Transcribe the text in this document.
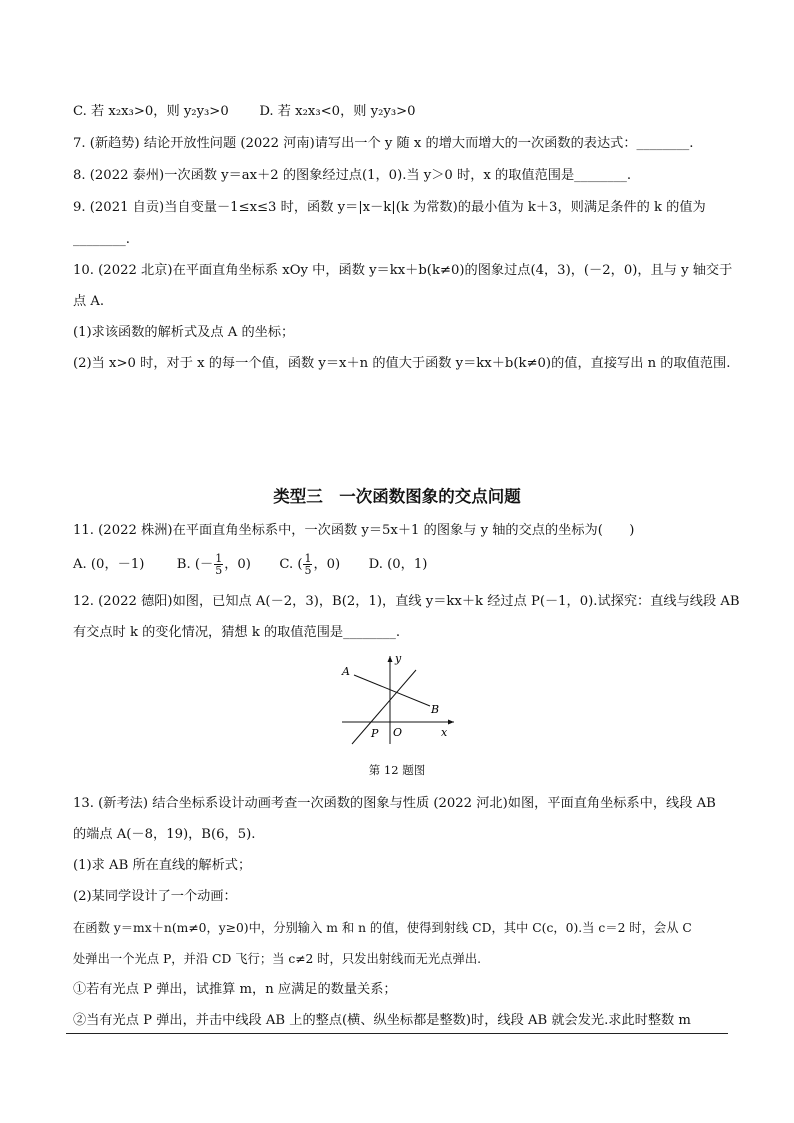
C. 若 x₂x₃>0，则 y₂y₃>0　　 D. 若 x₂x₃<0，则 y₂y₃>0
7. (新趋势) 结论开放性问题 (2022 河南)请写出一个 y 随 x 的增大而增大的一次函数的表达式：________.
8. (2022 泰州)一次函数 y＝ax＋2 的图象经过点(1，0).当 y＞0 时，x 的取值范围是________.
9. (2021 自贡)当自变量－1≤x≤3 时，函数 y＝|x－k|(k 为常数)的最小值为 k＋3，则满足条件的 k 的值为
________.
10. (2022 北京)在平面直角坐标系 xOy 中，函数 y＝kx＋b(k≠0)的图象过点(4，3)，(－2，0)，且与 y 轴交于
点 A.
(1)求该函数的解析式及点 A 的坐标；
(2)当 x>0 时，对于 x 的每一个值，函数 y＝x＋n 的值大于函数 y＝kx＋b(k≠0)的值，直接写出 n 的取值范围.
类型三　一次函数图象的交点问题
11. (2022 株洲)在平面直角坐标系中，一次函数 y＝5x＋1 的图象与 y 轴的交点的坐标为(　　)
A. (0，－1) B. (－ $\frac{1}{5}$ ，0) C. ( $\frac{1}{5}$ ，0) D. (0，1)
12. (2022 德阳)如图，已知点 A(－2，3)，B(2，1)，直线 y＝kx＋k 经过点 P(－1，0).试探究：直线与线段 AB
有交点时 k 的变化情况，猜想 k 的取值范围是________.
A
B
P O	x
y
第 12 题图
13. (新考法) 结合坐标系设计动画考查一次函数的图象与性质 (2022 河北)如图，平面直角坐标系中，线段 AB
的端点 A(－8，19)，B(6，5).
(1)求 AB 所在直线的解析式；
(2)某同学设计了一个动画：
在函数 y＝mx＋n(m≠0，y≥0)中，分别输入 m 和 n 的值，使得到射线 CD，其中 C(c，0).当 c＝2 时，会从 C
处弹出一个光点 P，并沿 CD 飞行；当 c≠2 时，只发出射线而无光点弹出.
①若有光点 P 弹出，试推算 m，n 应满足的数量关系；
②当有光点 P 弹出，并击中线段 AB 上的整点(横、纵坐标都是整数)时，线段 AB 就会发光.求此时整数 m
